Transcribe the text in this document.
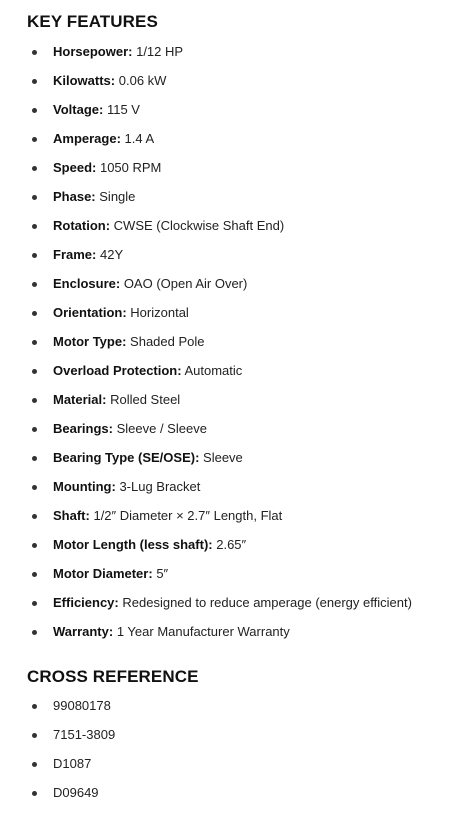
KEY FEATURES
Horsepower: 1/12 HP
Kilowatts: 0.06 kW
Voltage: 115 V
Amperage: 1.4 A
Speed: 1050 RPM
Phase: Single
Rotation: CWSE (Clockwise Shaft End)
Frame: 42Y
Enclosure: OAO (Open Air Over)
Orientation: Horizontal
Motor Type: Shaded Pole
Overload Protection: Automatic
Material: Rolled Steel
Bearings: Sleeve / Sleeve
Bearing Type (SE/OSE): Sleeve
Mounting: 3-Lug Bracket
Shaft: 1/2″ Diameter × 2.7″ Length, Flat
Motor Length (less shaft): 2.65″
Motor Diameter: 5″
Efficiency: Redesigned to reduce amperage (energy efficient)
Warranty: 1 Year Manufacturer Warranty
CROSS REFERENCE
99080178
7151-3809
D1087
D09649
